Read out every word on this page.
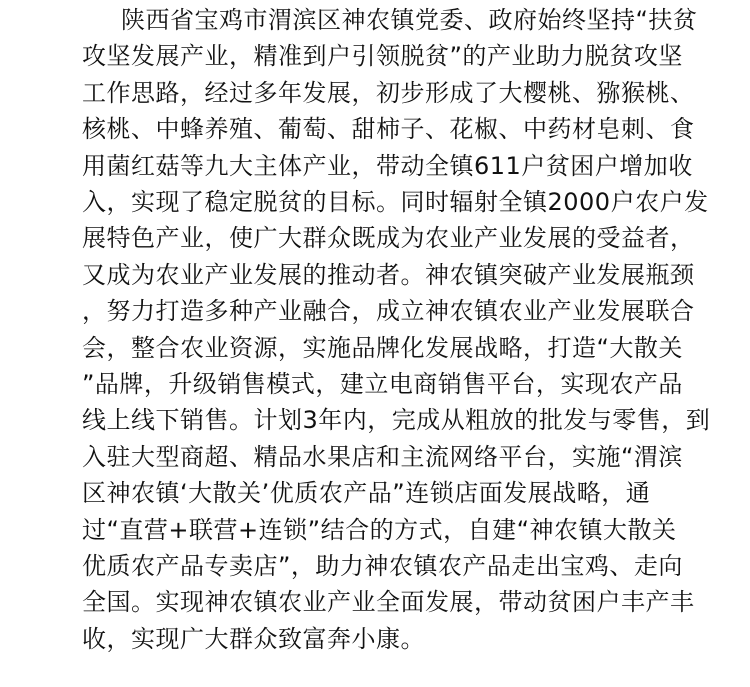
陕西省宝鸡市渭滨区神农镇党委、政府始终坚持“扶贫
攻坚发展产业，精准到户引领脱贫”的产业助力脱贫攻坚
工作思路，经过多年发展，初步形成了大樱桃、猕猴桃、
核桃、中蜂养殖、葡萄、甜柿子、花椒、中药材皂刺、食
用菌红菇等九大主体产业，带动全镇611户贫困户增加收
入，实现了稳定脱贫的目标。同时辐射全镇2000户农户发
展特色产业，使广大群众既成为农业产业发展的受益者，
又成为农业产业发展的推动者。神农镇突破产业发展瓶颈
，努力打造多种产业融合，成立神农镇农业产业发展联合
会，整合农业资源，实施品牌化发展战略，打造“大散关
”品牌，升级销售模式，建立电商销售平台，实现农产品
线上线下销售。计划3年内，完成从粗放的批发与零售，到
入驻大型商超、精品水果店和主流网络平台，实施“渭滨
区神农镇‘大散关’优质农产品”连锁店面发展战略，通
过“直营+联营+连锁”结合的方式，自建“神农镇大散关
优质农产品专卖店”，助力神农镇农产品走出宝鸡、走向
全国。实现神农镇农业产业全面发展，带动贫困户丰产丰
收，实现广大群众致富奔小康。
